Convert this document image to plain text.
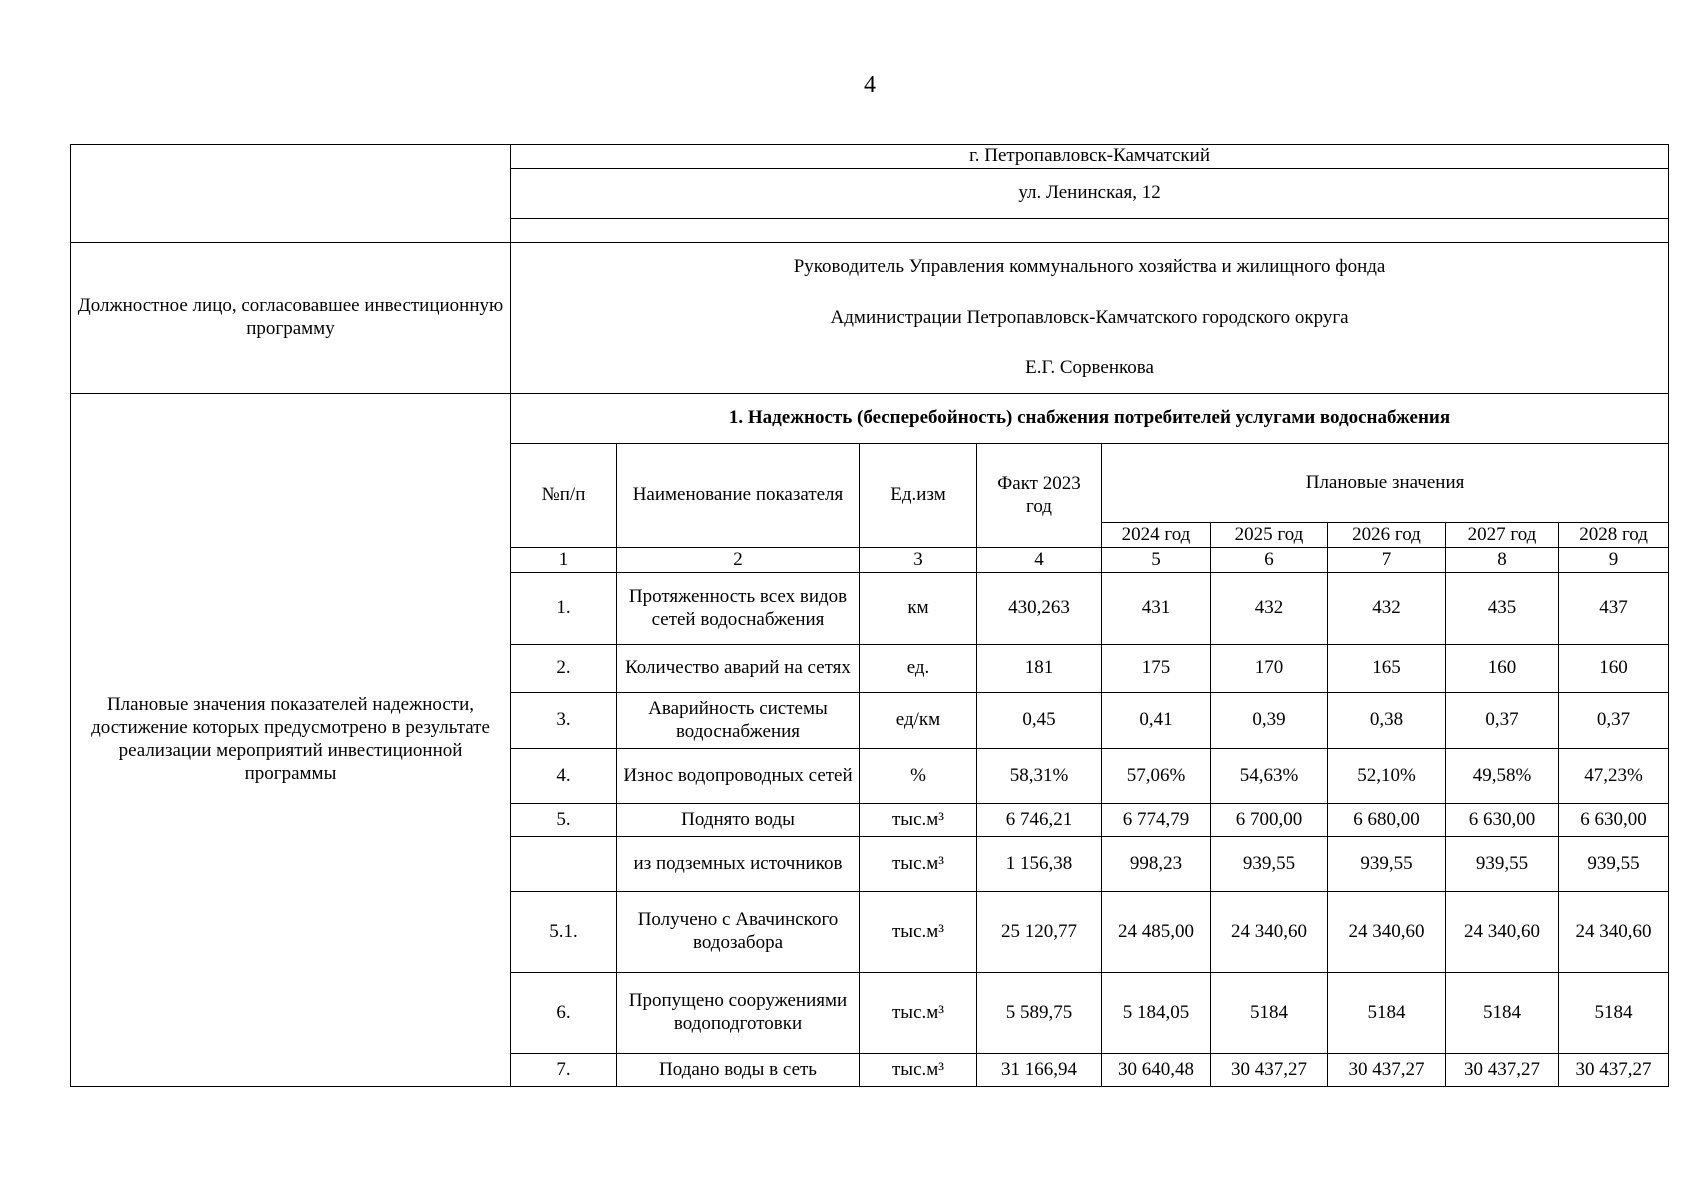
4
	г. Петропавловск-Камчатский								
	ул. Ленинская, 12								

Должностное лицо, согласовавшее инвестиционную программу	Руководитель Управления коммунального хозяйства и жилищного фонда
Администрации Петропавловск-Камчатского городского округа
Е.Г. Сорвенкова								

Плановые значения показателей надежности, достижение которых предусмотрено в результате реализации мероприятий инвестиционной программы	1. Надежность (бесперебойность) снабжения потребителей услугами водоснабжения								
	№п/п	Наименование показателя	Ед.изм	Факт 2023 год	Плановые значения				
					2024 год	2025 год	2026 год	2027 год	2028 год
	1	2	3	4	5	6	7	8	9
	1.	Протяженность всех видов сетей водоснабжения	км	430,263	431	432	432	435	437
	2.	Количество аварий на сетях	ед.	181	175	170	165	160	160
	3.	Аварийность системы водоснабжения	ед/км	0,45	0,41	0,39	0,38	0,37	0,37
	4.	Износ водопроводных сетей	%	58,31%	57,06%	54,63%	52,10%	49,58%	47,23%
	5.	Поднято воды	тыс.м³	6 746,21	6 774,79	6 700,00	6 680,00	6 630,00	6 630,00
		из подземных источников	тыс.м³	1 156,38	998,23	939,55	939,55	939,55	939,55
	5.1.	Получено с Авачинского водозабора	тыс.м³	25 120,77	24 485,00	24 340,60	24 340,60	24 340,60	24 340,60
	6.	Пропущено сооружениями водоподготовки	тыс.м³	5 589,75	5 184,05	5184	5184	5184	5184
	7.	Подано воды в сеть	тыс.м³	31 166,94	30 640,48	30 437,27	30 437,27	30 437,27	30 437,27
